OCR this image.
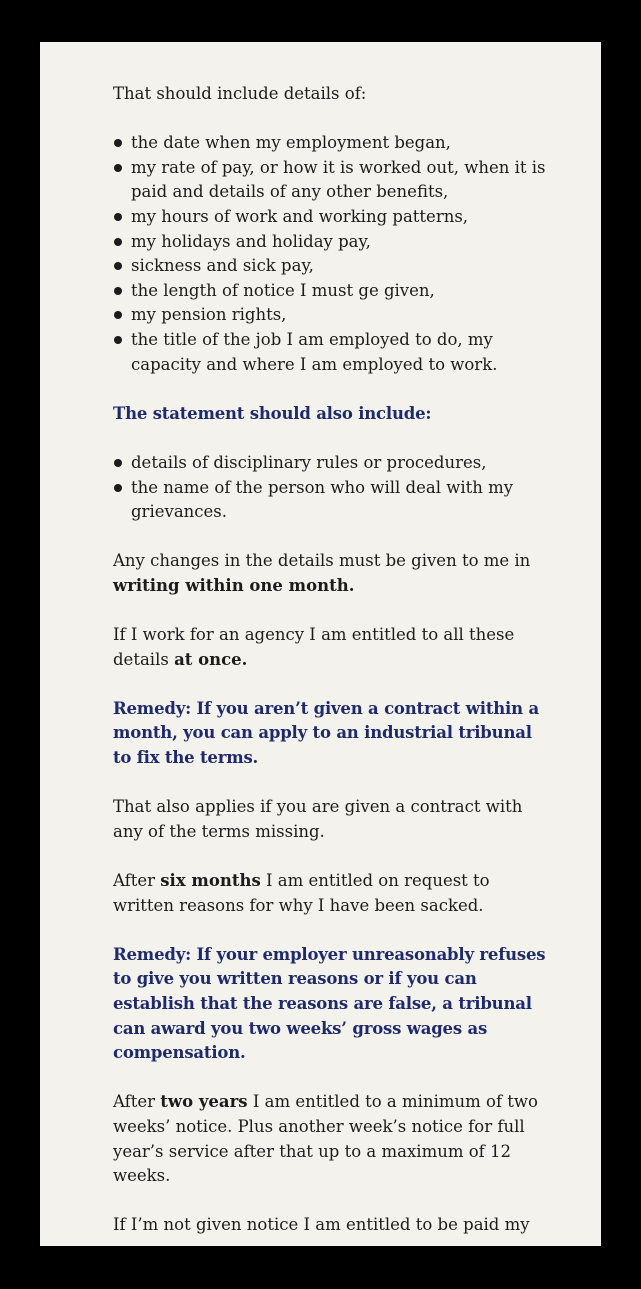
That should include details of:

the date when my employment began,
my rate of pay, or how it is worked out, when it is paid and details of any other benefits,
my hours of work and working patterns,
my holidays and holiday pay,
sickness and sick pay,
the length of notice I must ge given,
my pension rights,
the title of the job I am employed to do, my capacity and where I am employed to work.

The statement should also include:

details of disciplinary rules or procedures,
the name of the person who will deal with my grievances.

Any changes in the details must be given to me in writing within one month.

If I work for an agency I am entitled to all these details at once.

Remedy: If you aren’t given a contract within a month, you can apply to an industrial tribunal to fix the terms.

That also applies if you are given a contract with any of the terms missing.

After six months I am entitled on request to written reasons for why I have been sacked.

Remedy: If your employer unreasonably refuses to give you written reasons or if you can establish that the reasons are false, a tribunal can award you two weeks’ gross wages as compensation.

After two years I am entitled to a minimum of two weeks’ notice. Plus another week’s notice for full year’s service after that up to a maximum of 12 weeks.

If I’m not given notice I am entitled to be paid my
